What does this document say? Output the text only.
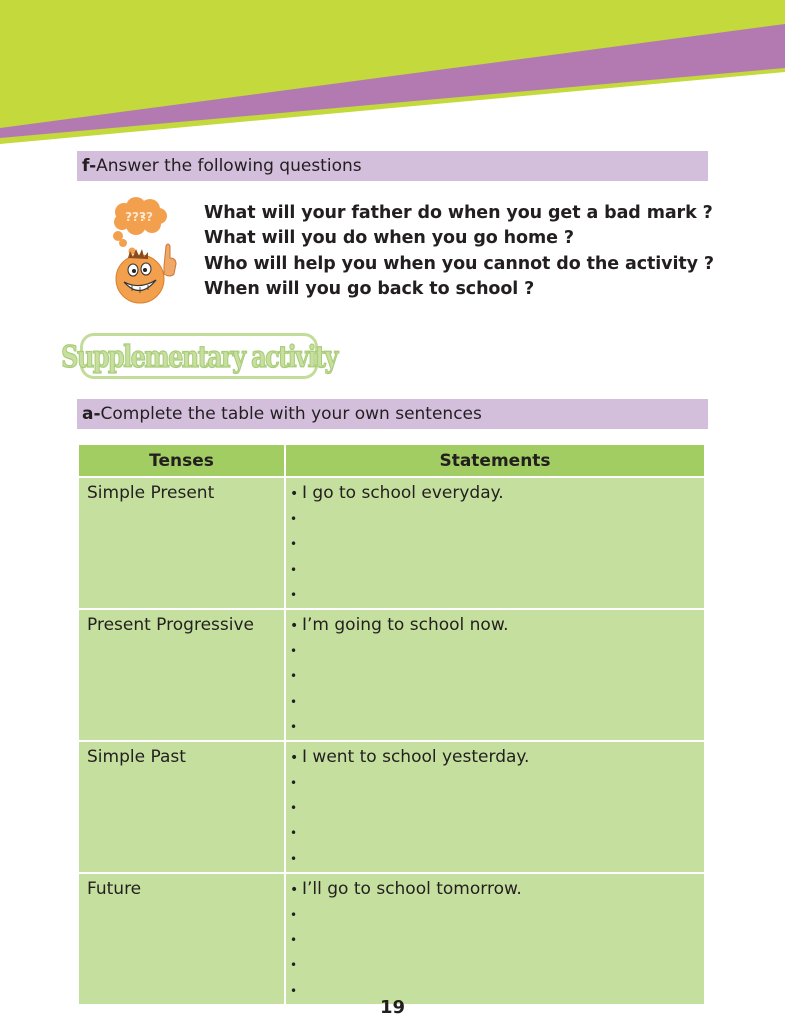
f-Answer the following questions
????	What will your father do when you get a bad mark ?
What will you do when you go home ?
Who will help you when you cannot do the activity ?
When will you go back to school ?
Supplementary activity
a-Complete the table with your own sentences
Tenses	Statements

Simple Present	• I go to school everyday.
•
•
•
•

Present Progressive	• I’m going to school now.
•
•
•
•

Simple Past	• I went to school yesterday.
•
•
•
•

Future	• I’ll go to school tomorrow.
•
•
•
•
19
